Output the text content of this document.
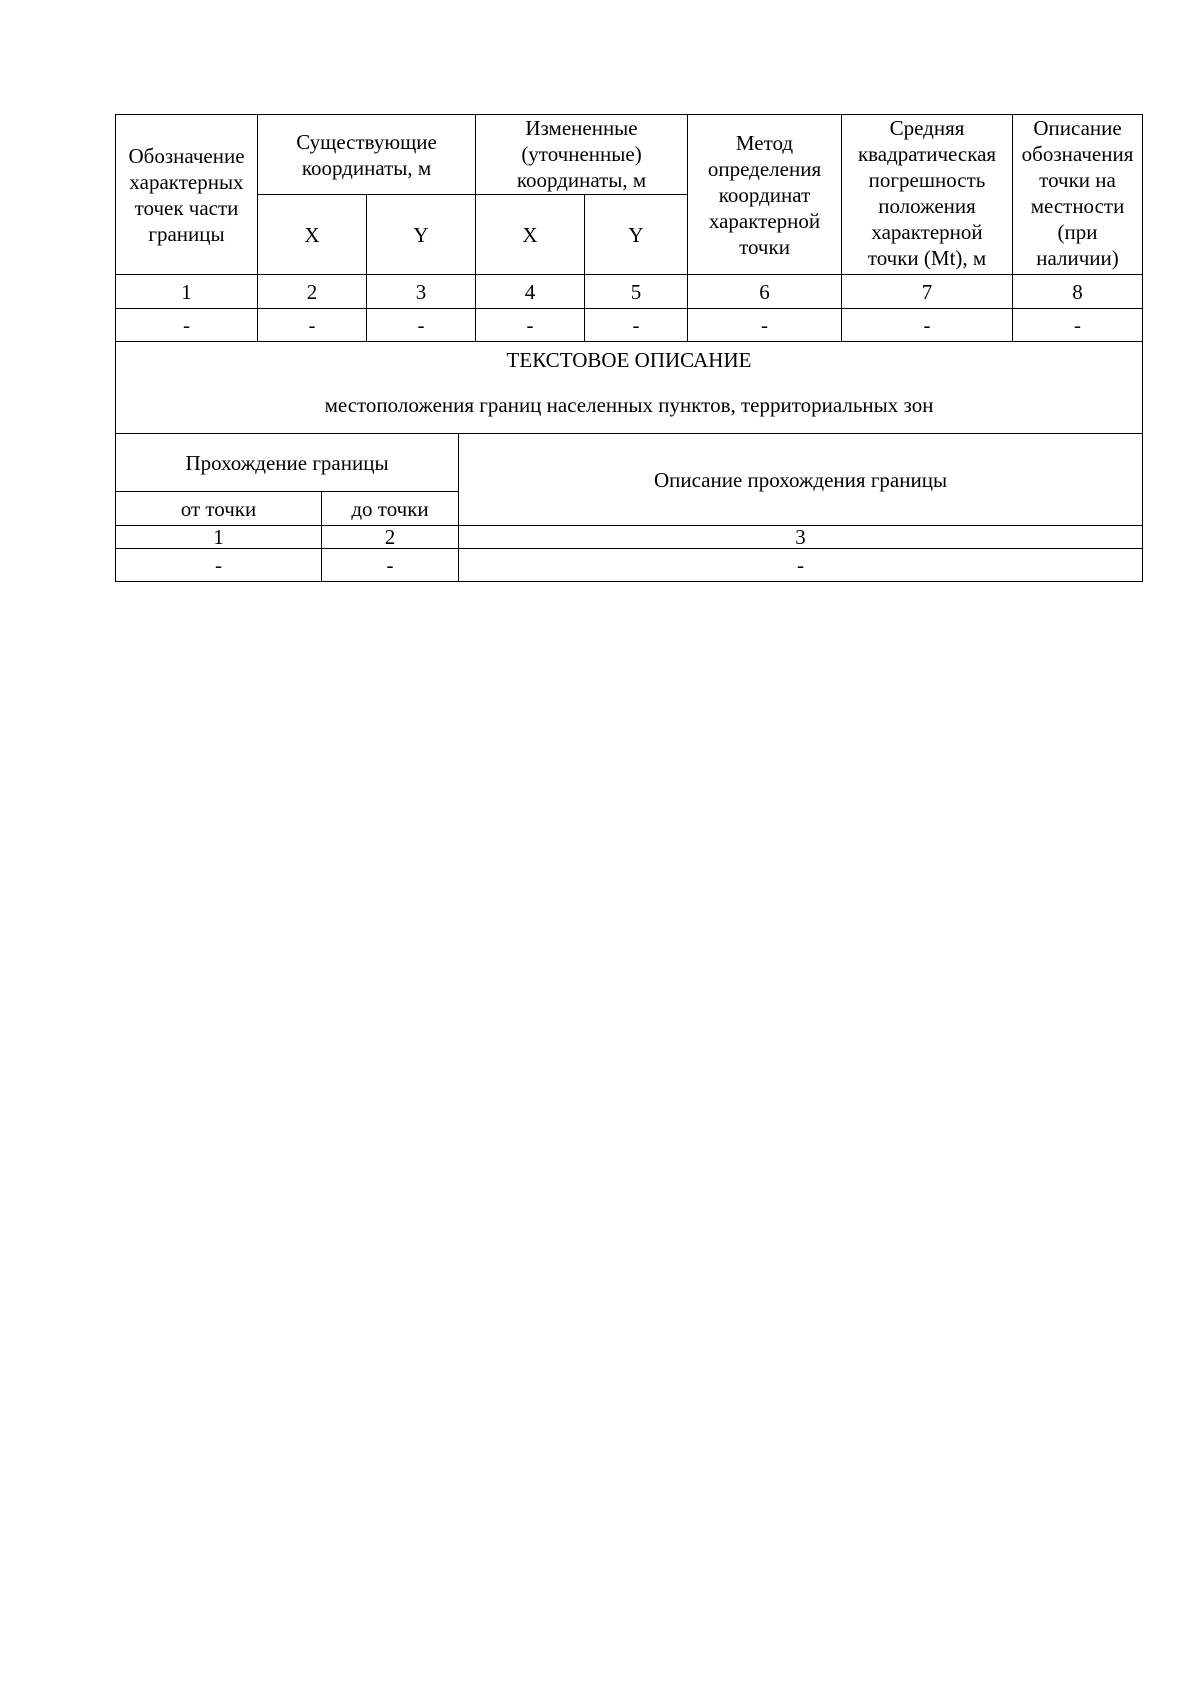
Обозначение характерных точек части границы	Существующие координаты, м		Измененные (уточненные) координаты, м		Метод определения координат характерной точки	Средняя квадратическая погрешность положения характерной точки (Mt), м	Описание обозначения точки на местности (при наличии)
	X	Y	X	Y			
1	2	3	4	5	6	7	8
-	-	-	-	-	-	-	-

ТЕКСТОВОЕ ОПИСАНИЕ
местоположения границ населенных пунктов, территориальных зон							
Прохождение границы		Описание прохождения границы
от точки	до точки	
1	2	3
-	-	-
